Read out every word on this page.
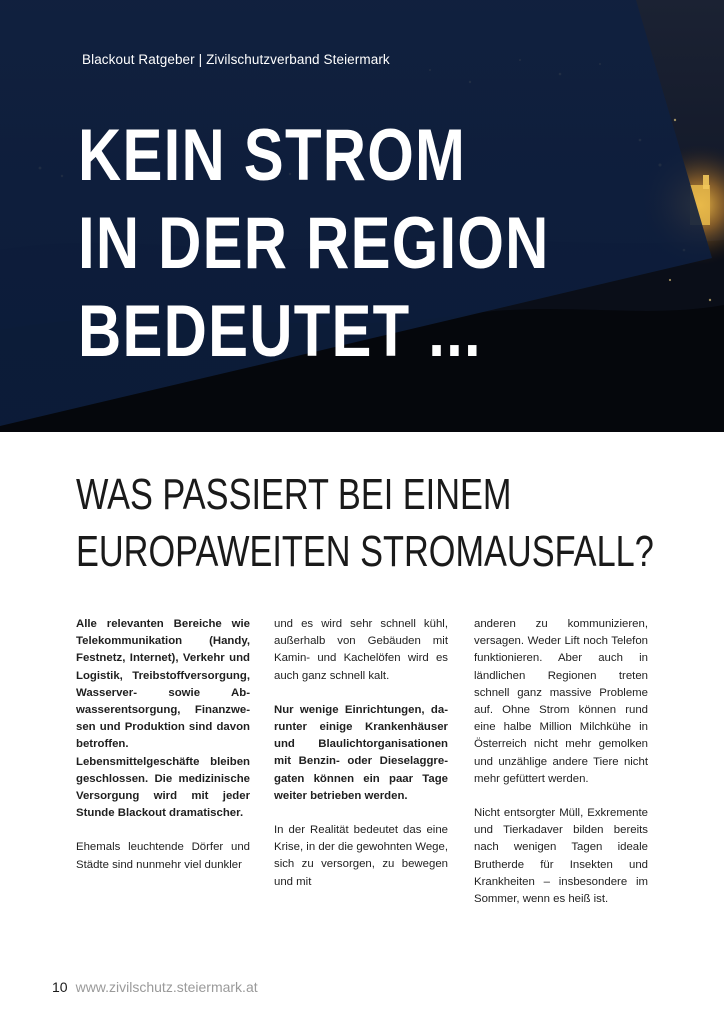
Blackout Ratgeber | Zivilschutzverband Steiermark

KEIN STROM
IN DER REGION
BEDEUTET ...
WAS PASSIERT BEI EINEM
EUROPAWEITEN STROMAUSFALL?

Alle relevanten Bereiche wie Telekommunikation (Handy, Festnetz, Internet), Verkehr und Logistik, Treibstoffversorgung, Wasserver- sowie Abwasserentsorgung, Finanzwesen und Produktion sind davon betroffen. Lebensmittelgeschäfte bleiben geschlossen. Die medizinische Versorgung wird mit jeder Stunde Blackout dramatischer.

Ehemals leuchtende Dörfer und Städte sind nunmehr viel dunkler

und es wird sehr schnell kühl, außerhalb von Gebäuden mit Kamin- und Kachelöfen wird es auch ganz schnell kalt.

Nur wenige Einrichtungen, darunter einige Krankenhäuser und Blaulichtorganisationen mit Benzin- oder Dieselaggregaten können ein paar Tage weiter betrieben werden.

In der Realität bedeutet das eine Krise, in der die gewohnten Wege, sich zu versorgen, zu bewegen und mit

anderen zu kommunizieren, versagen. Weder Lift noch Telefon funktionieren. Aber auch in ländlichen Regionen treten schnell ganz massive Probleme auf. Ohne Strom können rund eine halbe Million Milchkühe in Österreich nicht mehr gemolken und unzählige andere Tiere nicht mehr gefüttert werden.

Nicht entsorgter Müll, Exkremente und Tierkadaver bilden bereits nach wenigen Tagen ideale Brutherde für Insekten und Krankheiten – insbesondere im Sommer, wenn es heiß ist.

10 www.zivilschutz.steiermark.at
